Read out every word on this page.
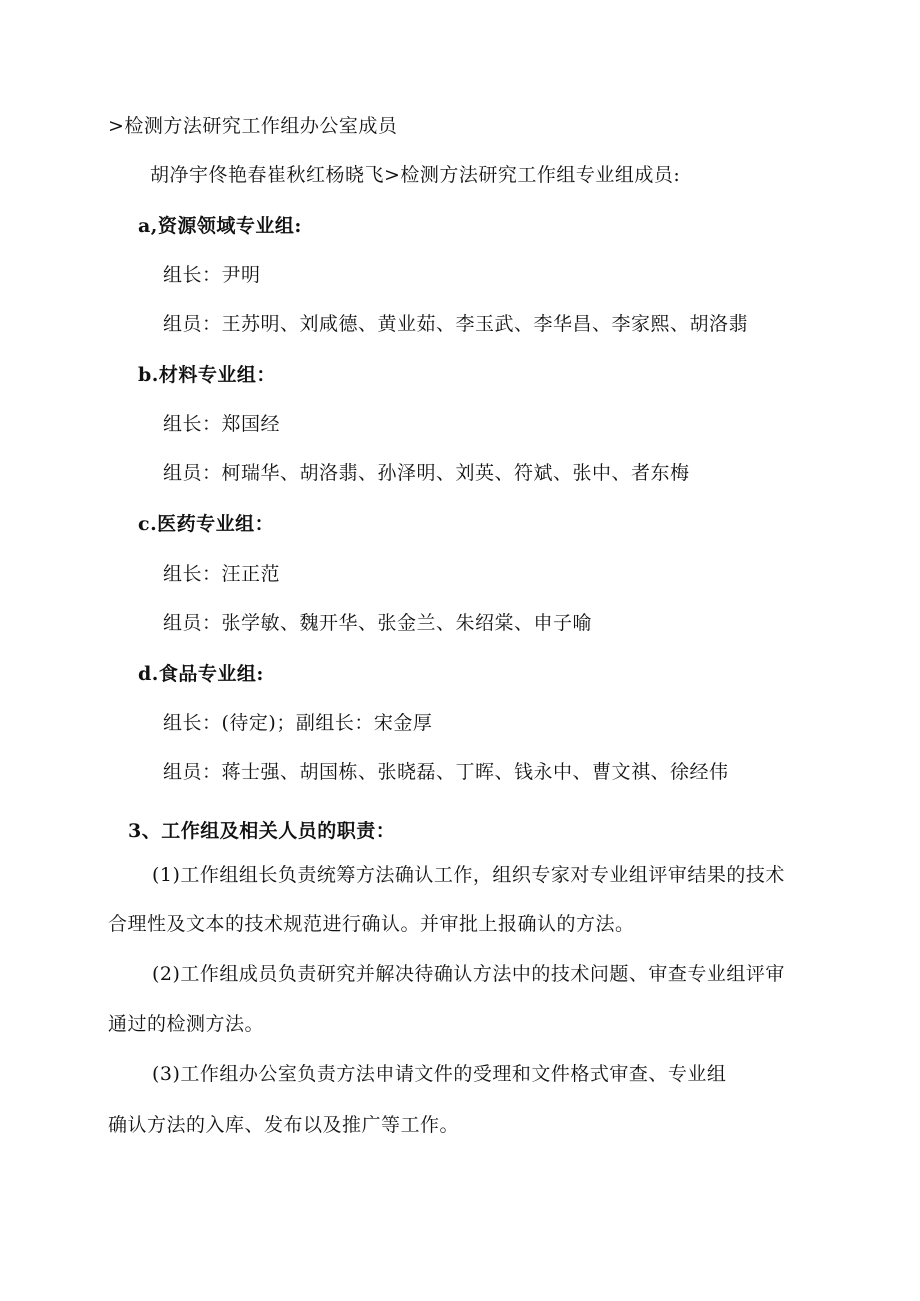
>检测方法研究工作组办公室成员
胡净宇佟艳春崔秋红杨晓飞>检测方法研究工作组专业组成员:
a,资源领域专业组:
组长：尹明
组员：王苏明、刘咸德、黄业茹、李玉武、李华昌、李家熙、胡洛翡
b.材料专业组：
组长：郑国经
组员：柯瑞华、胡洛翡、孙泽明、刘英、符斌、张中、者东梅
c.医药专业组：
组长：汪正范
组员：张学敏、魏开华、张金兰、朱绍棠、申子喻
d.食品专业组:
组长：(待定)；副组长：宋金厚
组员：蒋士强、胡国栋、张晓磊、丁晖、钱永中、曹文祺、徐经伟
3、工作组及相关人员的职责：
(1)工作组组长负责统筹方法确认工作，组织专家对专业组评审结果的技术
合理性及文本的技术规范进行确认。并审批上报确认的方法。
(2)工作组成员负责研究并解决待确认方法中的技术问题、审查专业组评审
通过的检测方法。
(3)工作组办公室负责方法申请文件的受理和文件格式审查、专业组
确认方法的入库、发布以及推广等工作。
